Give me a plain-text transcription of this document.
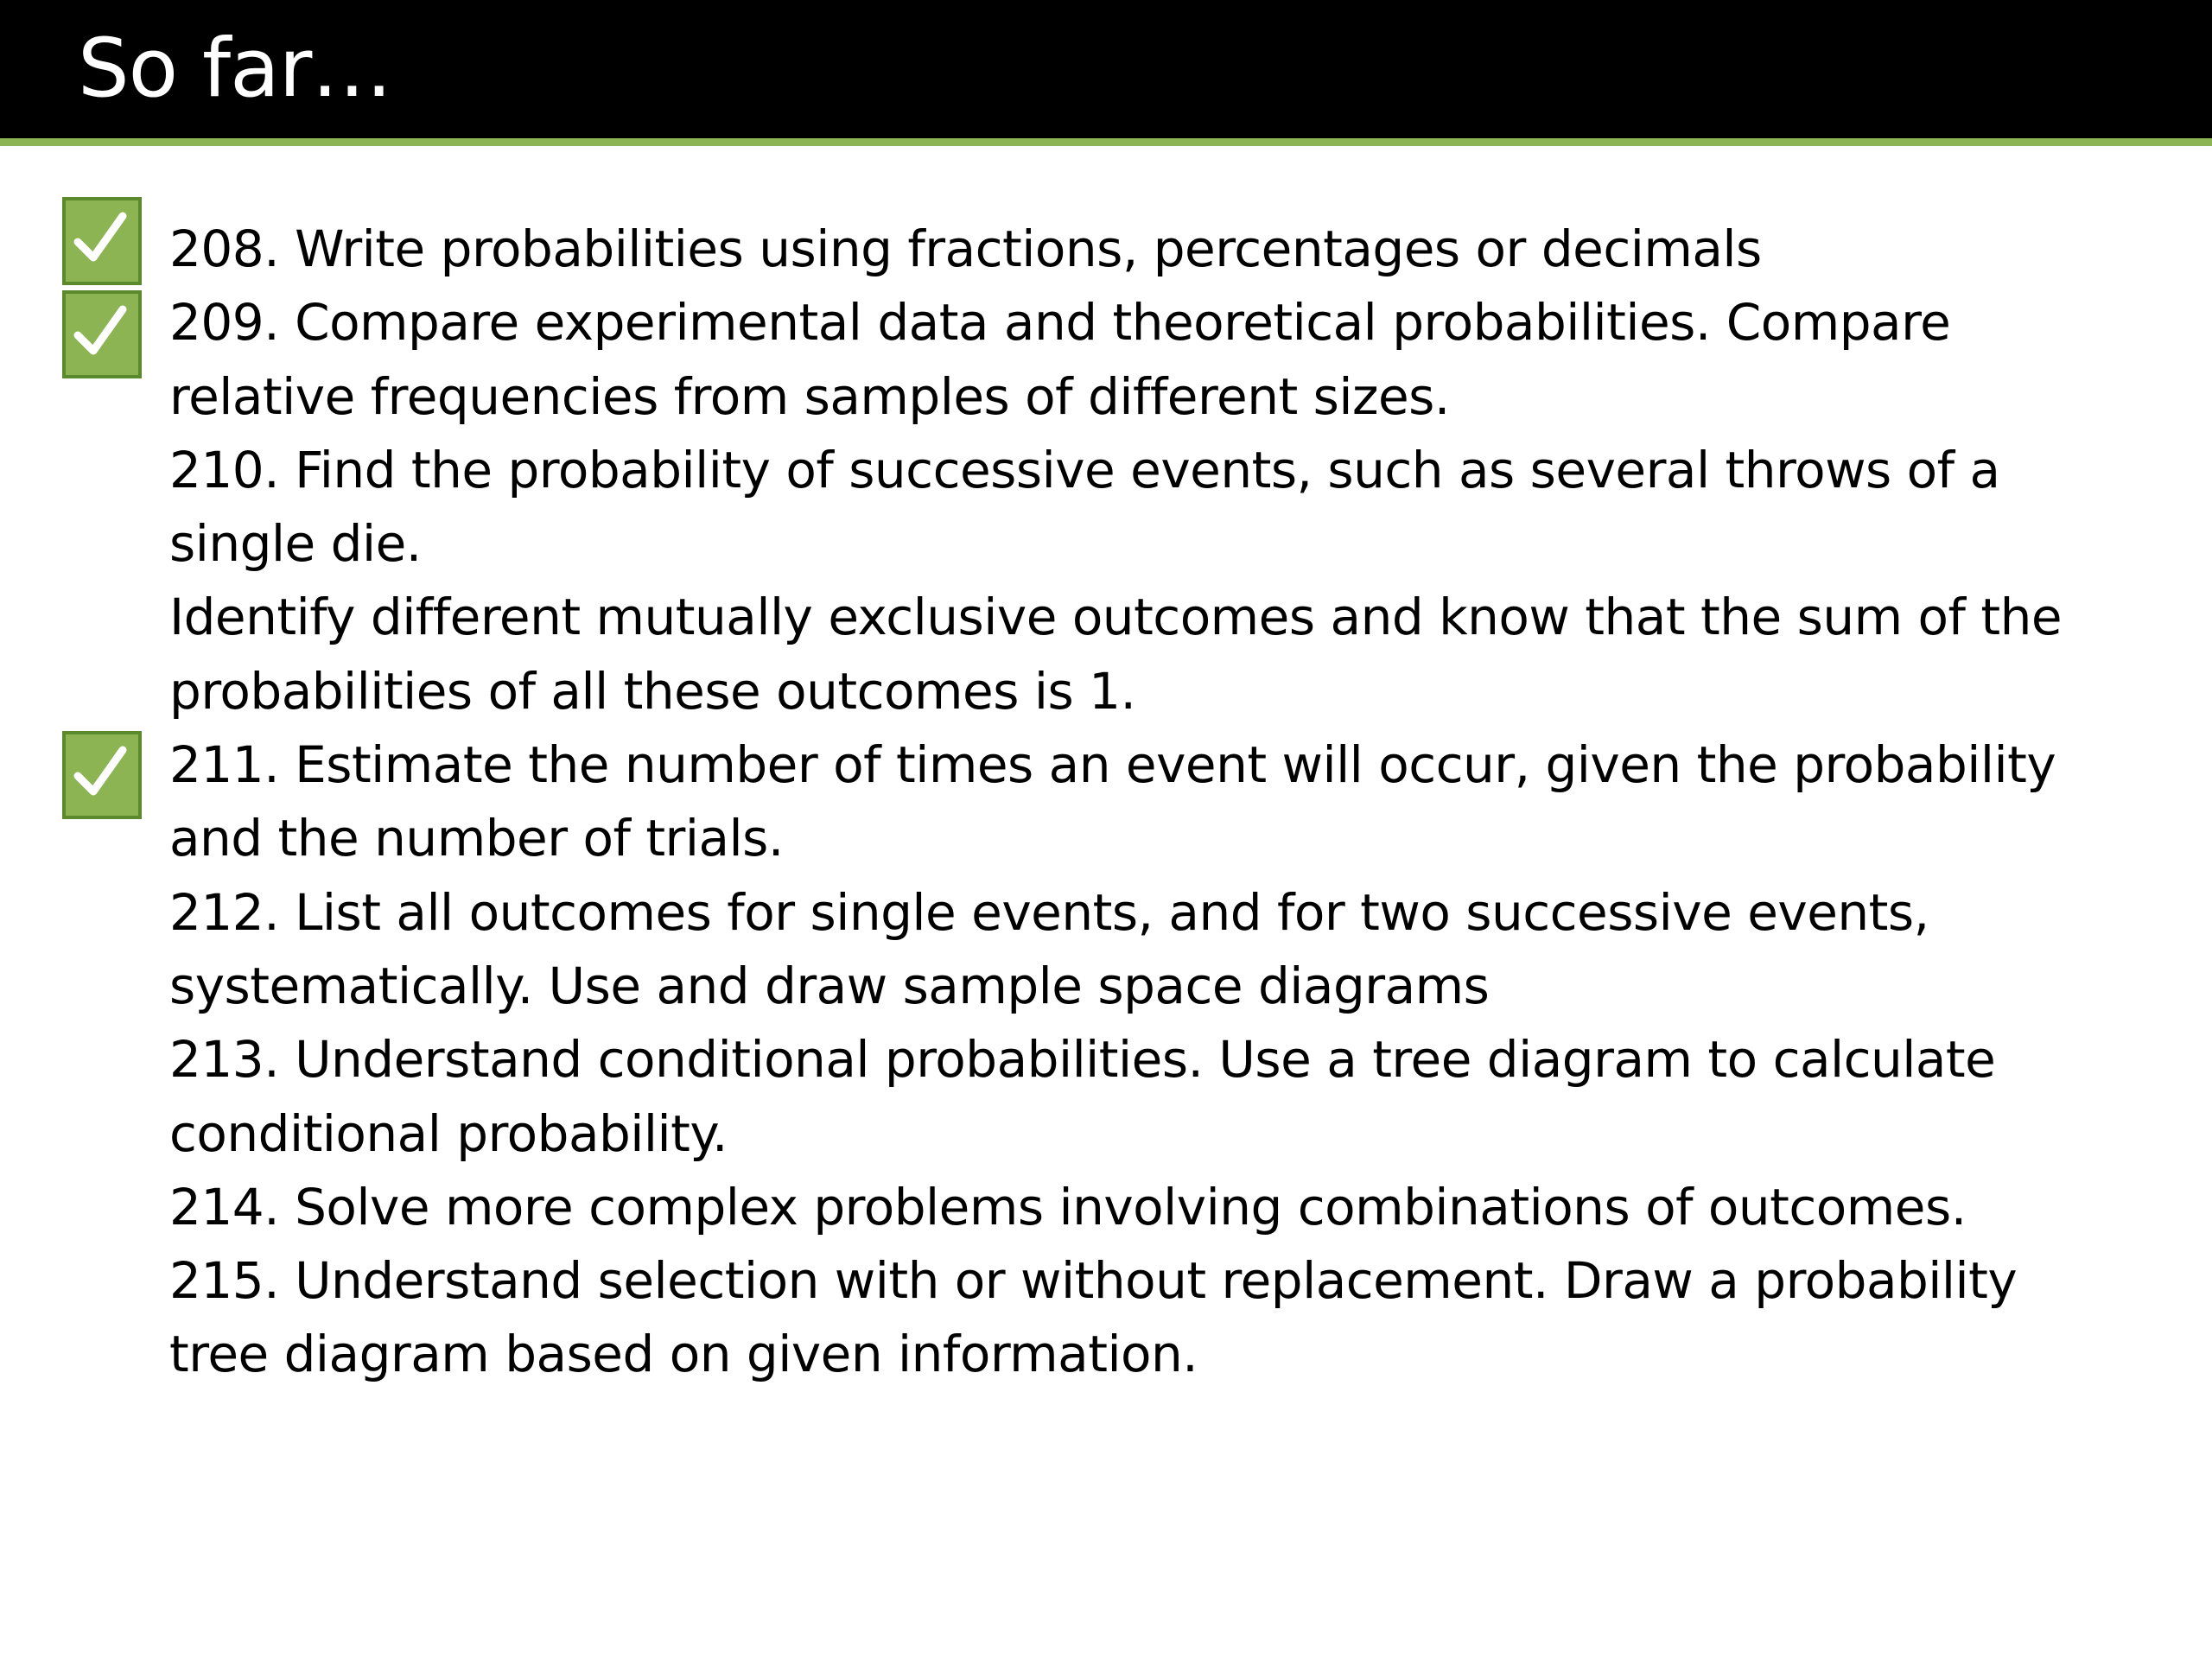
So far…

208. Write probabilities using fractions, percentages or decimals

209. Compare experimental data and theoretical probabilities. Compare relative frequencies from samples of different sizes.

210. Find the probability of successive events, such as several throws of a single die.

Identify different mutually exclusive outcomes and know that the sum of the probabilities of all these outcomes is 1.

211. Estimate the number of times an event will occur, given the probability and the number of trials.

212. List all outcomes for single events, and for two successive events, systematically. Use and draw sample space diagrams

213. Understand conditional probabilities. Use a tree diagram to calculate conditional probability.

214. Solve more complex problems involving combinations of outcomes.

215. Understand selection with or without replacement. Draw a probability tree diagram based on given information.
